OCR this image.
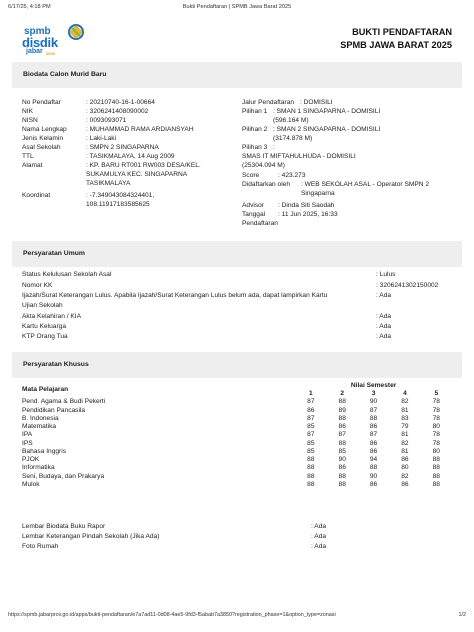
6/17/25, 4:18 PM	Bukti Pendaftaran | SPMB Jawa Barat 2025
spmb
disdik
jabar 2025
BUKTI PENDAFTARAN
SPMB JAWA BARAT 2025
Biodata Calon Murid Baru
No Pendaftar	: 20210740-16-1-00664
NIK	: 3206241408090002
NISN	: 0093093071
Nama Lengkap	: MUHAMMAD RAMA ARDIANSYAH
Jenis Kelamin	: Laki-Laki
Asal Sekolah	: SMPN 2 SINGAPARNA
TTL	: TASIKMALAYA, 14 Aug 2009
Alamat	: KP. BARU RT001 RW003 DESA/KEL.
SUKAMULYA KEC. SINGAPARNA
TASIKMALAYA
Koordinat	: -7.349043084324401,
108.11917183585625
Jalur Pendaftaran : DOMISILI
Pilihan 1 : SMAN 1 SINGAPARNA - DOMISILI
(596.164 M)
Pilihan 2 : SMAN 2 SINGAPARNA - DOMISILI
(3174.878 M)
Pilihan 3 :
SMAS IT MIFTAHULHUDA - DOMISILI
(25304.094 M)
Score	: 423.273
Didaftarkan oleh : WEB SEKOLAH ASAL - Operator SMPN 2
Singaparna
Advisor : Dinda Siti Saodah
Tanggal
Pendaftaran
: 11 Jun 2025, 16:33
Persyaratan Umum
Status Kelulusan Sekolah Asal	: Lulus
Nomor KK	: 3206241302150002
Ijazah/Surat Keterangan Lulus. Apabila Ijazah/Surat Keterangan Lulus belum ada, dapat lampirkan Kartu
Ujian Sekolah
: Ada
Akta Kelahiran / KIA	: Ada
Kartu Keluarga	: Ada
KTP Orang Tua	: Ada
Persyaratan Khusus
Mata Pelajaran	Nilai Semester				
	1	2	3	4	5
Pend. Agama & Budi Pekerti	87	88	90	82	78
Pendidikan Pancasila	86	89	87	81	78
B. Indonesia	87	88	88	83	78
Matematika	85	86	86	79	80
IPA	87	87	87	81	78
IPS	85	88	86	82	78
Bahasa Inggris	85	85	86	81	80
PJOK	88	90	94	86	88
Informatika	88	86	88	80	88
Seni, Budaya, dan Prakarya	88	88	90	82	88
Mulok	88	88	86	86	88
Lembar Biodata Buku Rapor	: Ada
Lembar Keterangan Pindah Sekolah (Jika Ada)	: Ada
Foto Rumah	: Ada
https://spmb.jabarprov.go.id/apps/bukti-pendaftaran/e7a7ad11-0d08-4ae5-9fd3-f5abab7a3850?registration_phase=1&option_type=zonasi	1/2
